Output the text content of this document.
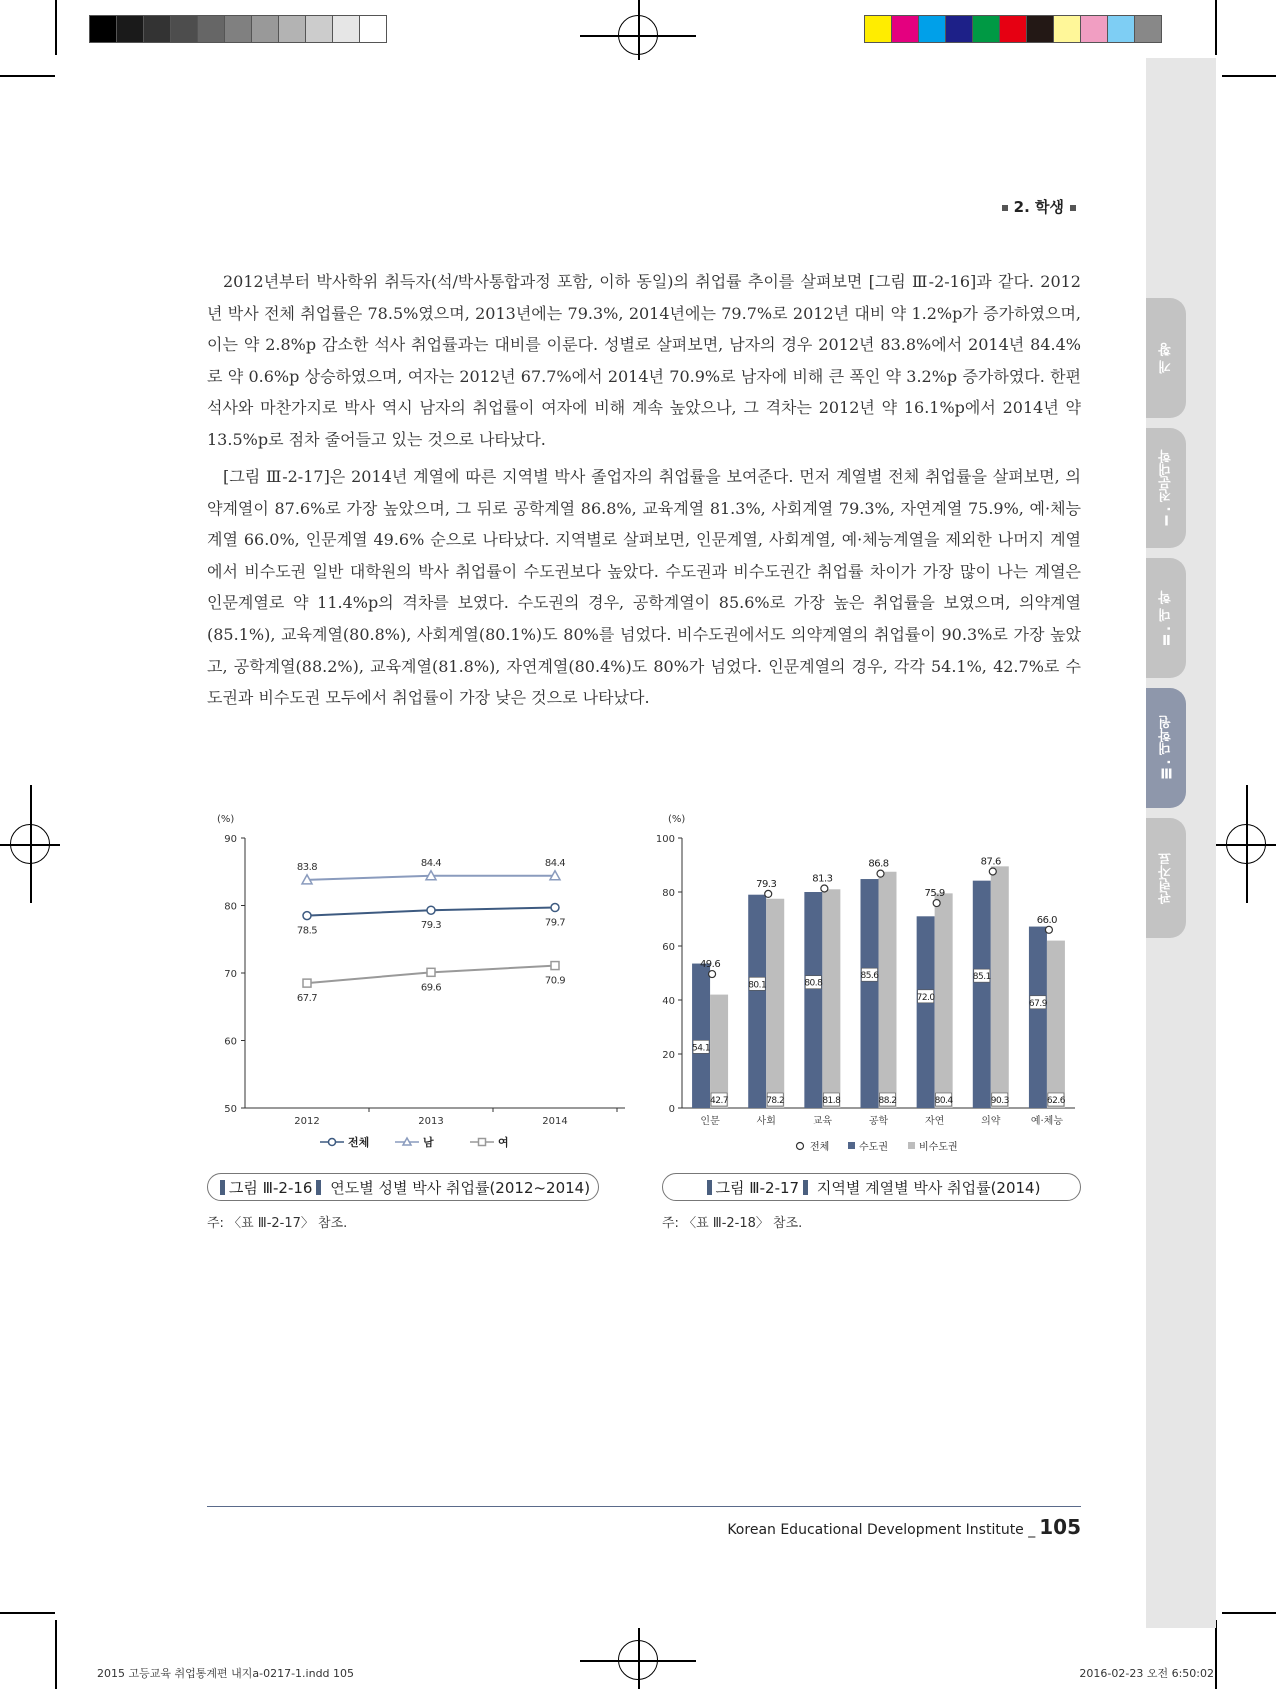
개 황
Ⅰ. 전문대학
Ⅱ. 대 학
Ⅲ. 대학원
관련자료
2. 학생

2012년부터 박사학위 취득자(석/박사통합과정 포함, 이하 동일)의 취업률 추이를 살펴보면 [그림 Ⅲ-2-16]과 같다. 2012년 박사 전체 취업률은 78.5%였으며, 2013년에는 79.3%, 2014년에는 79.7%로 2012년 대비 약 1.2%p가 증가하였으며, 이는 약 2.8%p 감소한 석사 취업률과는 대비를 이룬다. 성별로 살펴보면, 남자의 경우 2012년 83.8%에서 2014년 84.4%로 약 0.6%p 상승하였으며, 여자는 2012년 67.7%에서 2014년 70.9%로 남자에 비해 큰 폭인 약 3.2%p 증가하였다. 한편 석사와 마찬가지로 박사 역시 남자의 취업률이 여자에 비해 계속 높았으나, 그 격차는 2012년 약 16.1%p에서 2014년 약 13.5%p로 점차 줄어들고 있는 것으로 나타났다.

[그림 Ⅲ-2-17]은 2014년 계열에 따른 지역별 박사 졸업자의 취업률을 보여준다. 먼저 계열별 전체 취업률을 살펴보면, 의약계열이 87.6%로 가장 높았으며, 그 뒤로 공학계열 86.8%, 교육계열 81.3%, 사회계열 79.3%, 자연계열 75.9%, 예·체능계열 66.0%, 인문계열 49.6% 순으로 나타났다. 지역별로 살펴보면, 인문계열, 사회계열, 예·체능계열을 제외한 나머지 계열에서 비수도권 일반 대학원의 박사 취업률이 수도권보다 높았다. 수도권과 비수도권간 취업률 차이가 가장 많이 나는 계열은 인문계열로 약 11.4%p의 격차를 보였다. 수도권의 경우, 공학계열이 85.6%로 가장 높은 취업률을 보였으며, 의약계열(85.1%), 교육계열(80.8%), 사회계열(80.1%)도 80%를 넘었다. 비수도권에서도 의약계열의 취업률이 90.3%로 가장 높았고, 공학계열(88.2%), 교육계열(81.8%), 자연계열(80.4%)도 80%가 넘었다. 인문계열의 경우, 각각 54.1%, 42.7%로 수도권과 비수도권 모두에서 취업률이 가장 낮은 것으로 나타났다.

(%)
50
60
70
80
90
2012	2013	2014
78.5	79.3	79.7
83.8	84.4	84.4
67.7
69.6
70.9
전체	남	여
(%)
0
20
40
60
80
100
54.1
42.7
49.6
인문
80.1
78.2
79.3
사회
80.8
81.8
81.3
교육
85.6
88.2
86.8
공학
72.0
80.4
75.9
자연
85.1
90.3
87.6
의약
67.9
62.6
66.0
예·체능
전체	수도권	비수도권
그림 Ⅲ-2-16
연도별 성별 박사 취업률(2012~2014)	그림 Ⅲ-2-17
지역별 계열별 박사 취업률(2014)
주: 〈표 Ⅲ-2-17〉 참조.	주: 〈표 Ⅲ-2-18〉 참조.
Korean Educational Development Institute _ 105
2015 고등교육 취업통계편 내지a-0217-1.indd 105	2016-02-23 오전 6:50:02
